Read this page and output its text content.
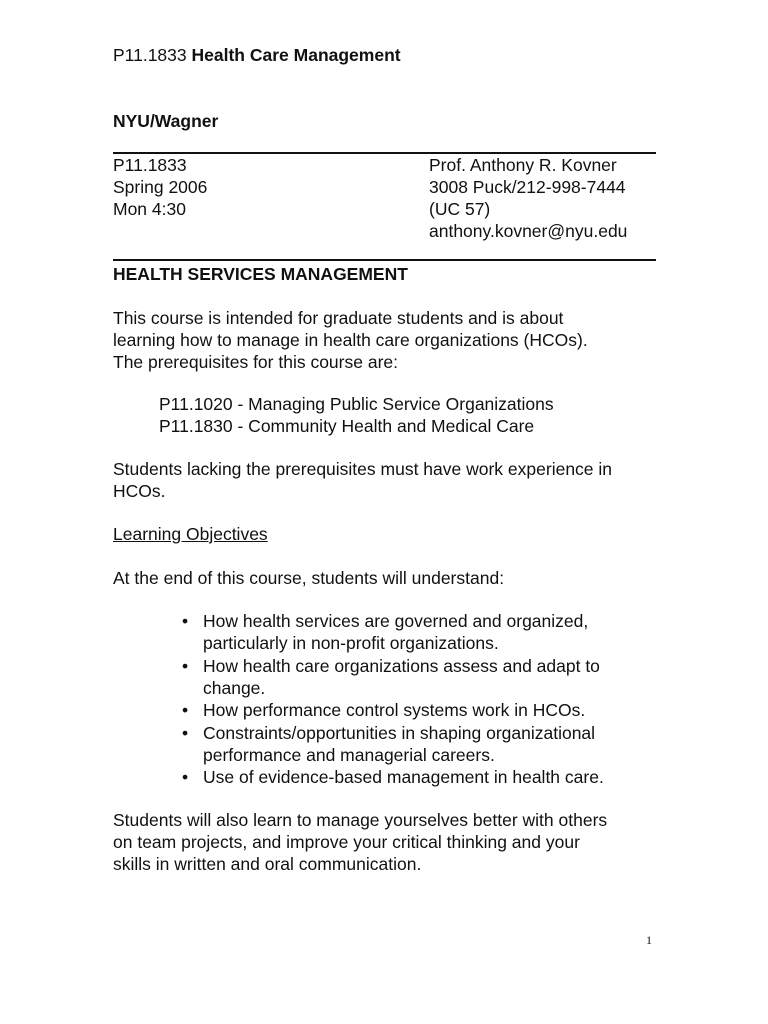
P11.1833 Health Care Management
NYU/Wagner
P11.1833
Spring 2006
Mon 4:30
Prof. Anthony R. Kovner
3008 Puck/212-998-7444
(UC 57)
anthony.kovner@nyu.edu
HEALTH SERVICES MANAGEMENT
This course is intended for graduate students and is about
learning how to manage in health care organizations (HCOs).
The prerequisites for this course are:
P11.1020 - Managing Public Service Organizations
P11.1830 - Community Health and Medical Care
Students lacking the prerequisites must have work experience in
HCOs.
Learning Objectives
At the end of this course, students will understand:
• How health services are governed and organized,
particularly in non-profit organizations.
• How health care organizations assess and adapt to
change.
• How performance control systems work in HCOs.
• Constraints/opportunities in shaping organizational
performance and managerial careers.
• Use of evidence-based management in health care.
Students will also learn to manage yourselves better with others
on team projects, and improve your critical thinking and your
skills in written and oral communication.
1
